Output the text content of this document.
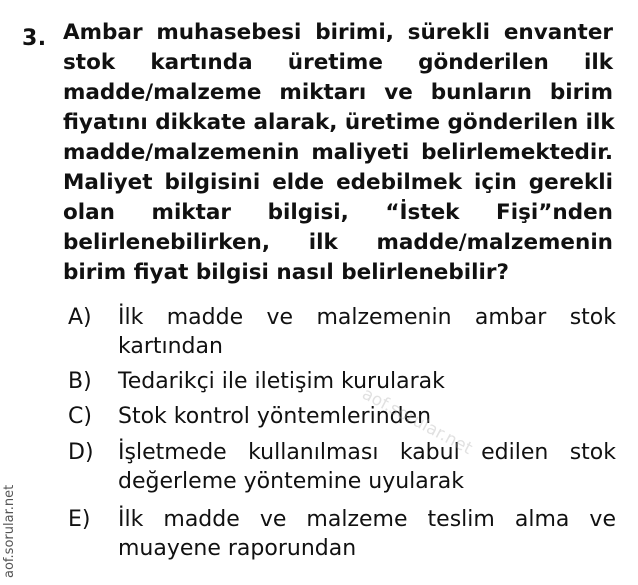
3. Ambar muhasebesi birimi, sürekli envanter
stok kartında üretime gönderilen ilk
madde/malzeme miktarı ve bunların birim
fiyatını dikkate alarak, üretime gönderilen ilk
madde/malzemenin maliyeti belirlemektedir.
Maliyet bilgisini elde edebilmek için gerekli
olan miktar bilgisi, “İstek Fişi”nden
belirlenebilirken, ilk madde/malzemenin
birim fiyat bilgisi nasıl belirlenebilir?
A)	İlk madde ve malzemenin ambar stok
kartından
B)	Tedarikçi ile iletişim kurularak
C)	Stok kontrol yöntemlerinden
D)	İşletmede kullanılması kabul edilen stok
değerleme yöntemine uyularak
E)	İlk madde ve malzeme teslim alma ve
muayene raporundan
aof.sorular.net
aof.sorular.net
